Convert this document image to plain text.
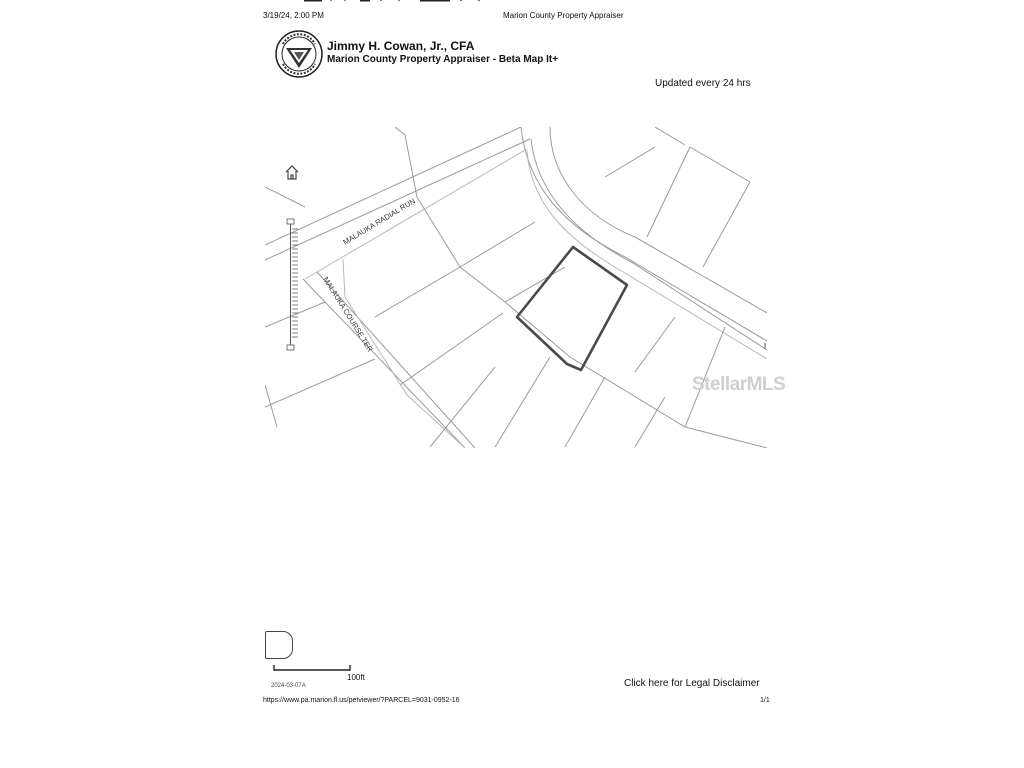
3/19/24, 2:00 PM	Marion County Property Appraiser
Jimmy H. Cowan, Jr., CFA
Marion County Property Appraiser - Beta Map It+
Updated every 24 hrs
MALAUKA RADIAL RUN
MALAUKA COURSE TER
StellarMLS
100ft
2024-03-07A	Click here for Legal Disclaimer
https://www.pa.marion.fl.us/petviewer/?PARCEL=9031-0952-16	1/1
